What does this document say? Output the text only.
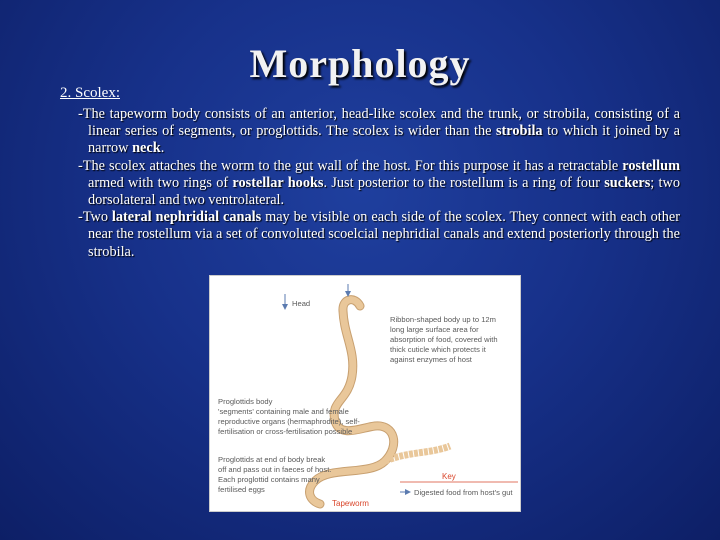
Morphology
2. Scolex:

-The tapeworm body consists of an anterior, head-like scolex and the trunk, or strobila, consisting of a linear series of segments, or proglottids. The scolex is wider than the strobila to which it joined by a narrow neck.

-The scolex attaches the worm to the gut wall of the host. For this purpose it has a retractable rostellum armed with two rings of rostellar hooks. Just posterior to the rostellum is a ring of four suckers; two dorsolateral and two ventrolateral.

-Two lateral nephridial canals may be visible on each side of the scolex. They connect with each other near the rostellum via a set of convoluted scoelcial nephridial canals and extend posteriorly through the strobila.

Head
Ribbon-shaped body up to 12m
long large surface area for
absorption of food, covered with
thick cuticle which protects it
against enzymes of host
Proglottids body
'segments' containing male and female
reproductive organs (hermaphrodite), self-
fertilisation or cross-fertilisation possible
Proglottids at end of body break
off and pass out in faeces of host.
Each proglottid contains many
fertilised eggs
Key
Digested food from host's gut
Tapeworm
